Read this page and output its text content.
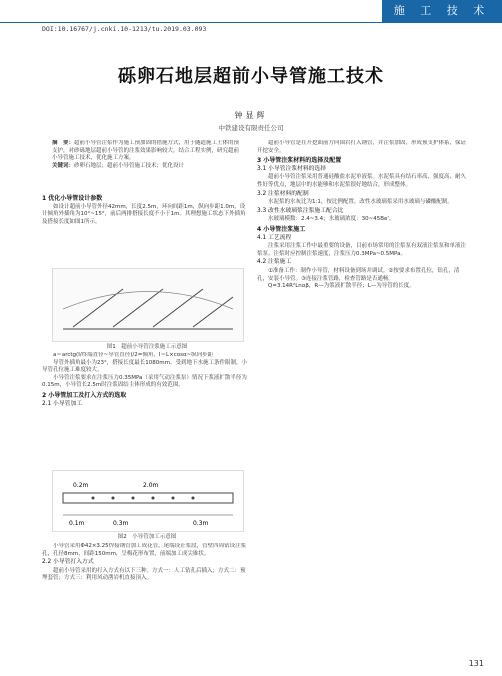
施 工 技 术
DOI:10.16767/j.cnki.10-1213/tu.2019.03.093
砾卵石地层超前小导管施工技术
钟显辉
中铁建设有限责任公司

摘　要：超前小导管注浆作为施工预加固的措施方式，用于隧道施工土体的预支护，对砂砾地层超前小导管的注浆效果影响较大。结合工程实例，研究超前小导管施工技术，优化施工方案。

关键词：砂卵石地层；超前小导管施工技术；优化设计

1 优化小导管设计参数

如设计超前小导管外径42mm，长度2.5m，环向间距1m，纵向步距1.0m，设计倾角外插角为10°~15°，前后两排搭接长度不小于1m。其理想施工状态下外插角及搭接长度如图1所示。

图1　超前小导管注浆施工示意图

a＝arctg(I/终端直径~导管直径)/2=倾角，I＝L×cosα~纵向步距

导管外插角最小为23°，搭接长度最长1080mm。受到地下水施工条件限制，小导管孔位施工难度较大。

小导管注浆要求在注浆压力0.35MPa（采用气动注浆泵）情况下浆液扩散半径为0.15m，小导管长2.5m时注浆固结主体形成的有效范围。

2 小导管加工及打入方式的选取
2.1 小导管加工
0.2m	2.0m
0.1m	0.3m	0.3m
图2　小导管加工示意图

小导管采用Φ42×3.25焊接钢管加工成花管，尾端设止浆段，管壁四周钻设注浆孔，孔径8mm，间距150mm，呈梅花形布置，前端加工成尖锥状。

2.2 小导管打入方式

超前小导管采用的打入方式有以下三种。方式一：人工钻孔后插入；方式二：预埋套管；方式三：利用风动凿岩机直接顶入。

超前小导管是在开挖面前方向围岩打入钢管，并注浆加固，形成预支护体系，保证开挖安全。

3 小导管注浆材料的选择及配置
3.1 小导管注浆材料的选择

超前小导管注浆采用普通硅酸盐水泥单液浆。水泥浆具有结石率高、强度高、耐久性好等优点，地层中的水能够和水泥浆很好地结合，形成整体。

3.2 注浆材料的配制

水泥浆的水灰比为1:1，按比例配置。改性水玻璃浆采用水玻璃与磷酸配制。

3.3 改性水玻璃浆注浆施工配合比

水玻璃模数：2.4~3.4；水玻璃浓度：30~45Be'。

4 小导管注浆施工
4.1 工艺流程

注浆采用注浆工作中最重要的设备，目前市场常用的注浆泵有双液注浆泵和单液注浆泵。注浆时应控制注浆速度，注浆压力0.3MPa~0.5MPa。

4.2 注浆施工

①准备工作：制作小导管，材料设备到场并调试。②按要求布置孔位，钻孔，清孔，安装小导管。③连接注浆管路，检查管路是否通畅。

Q=3.14R²Lnαβ，R—为浆液扩散半径；L—为导管的长度。

131
